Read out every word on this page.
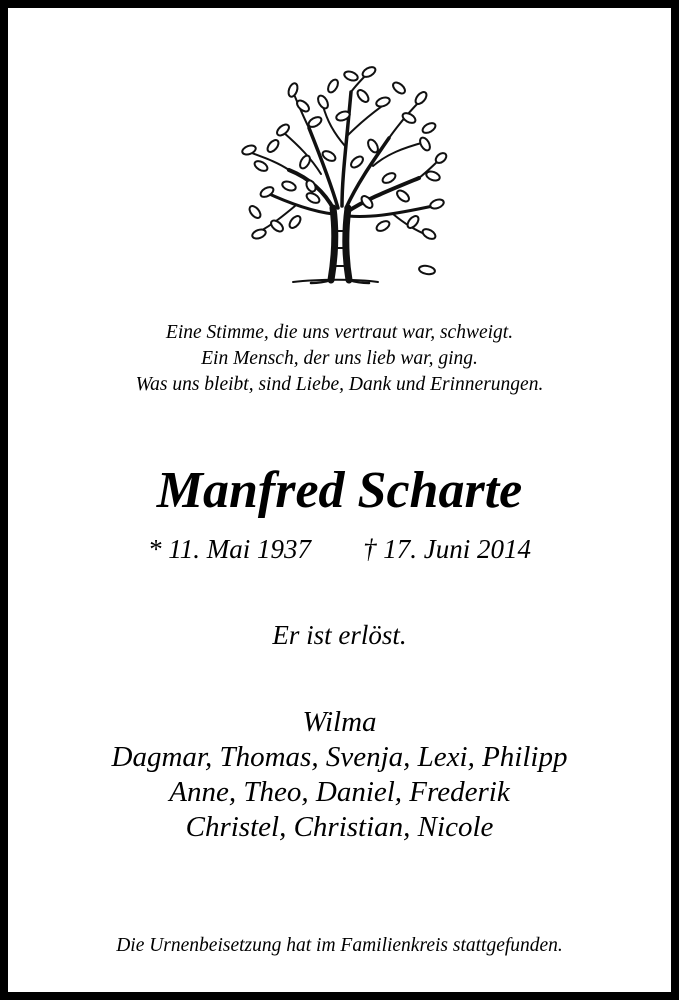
Eine Stimme, die uns vertraut war, schweigt.
Ein Mensch, der uns lieb war, ging.
Was uns bleibt, sind Liebe, Dank und Erinnerungen.
Manfred Scharte
* 11. Mai 1937 † 17. Juni 2014
Er ist erlöst.
Wilma
Dagmar, Thomas, Svenja, Lexi, Philipp
Anne, Theo, Daniel, Frederik
Christel, Christian, Nicole
Die Urnenbeisetzung hat im Familienkreis stattgefunden.
